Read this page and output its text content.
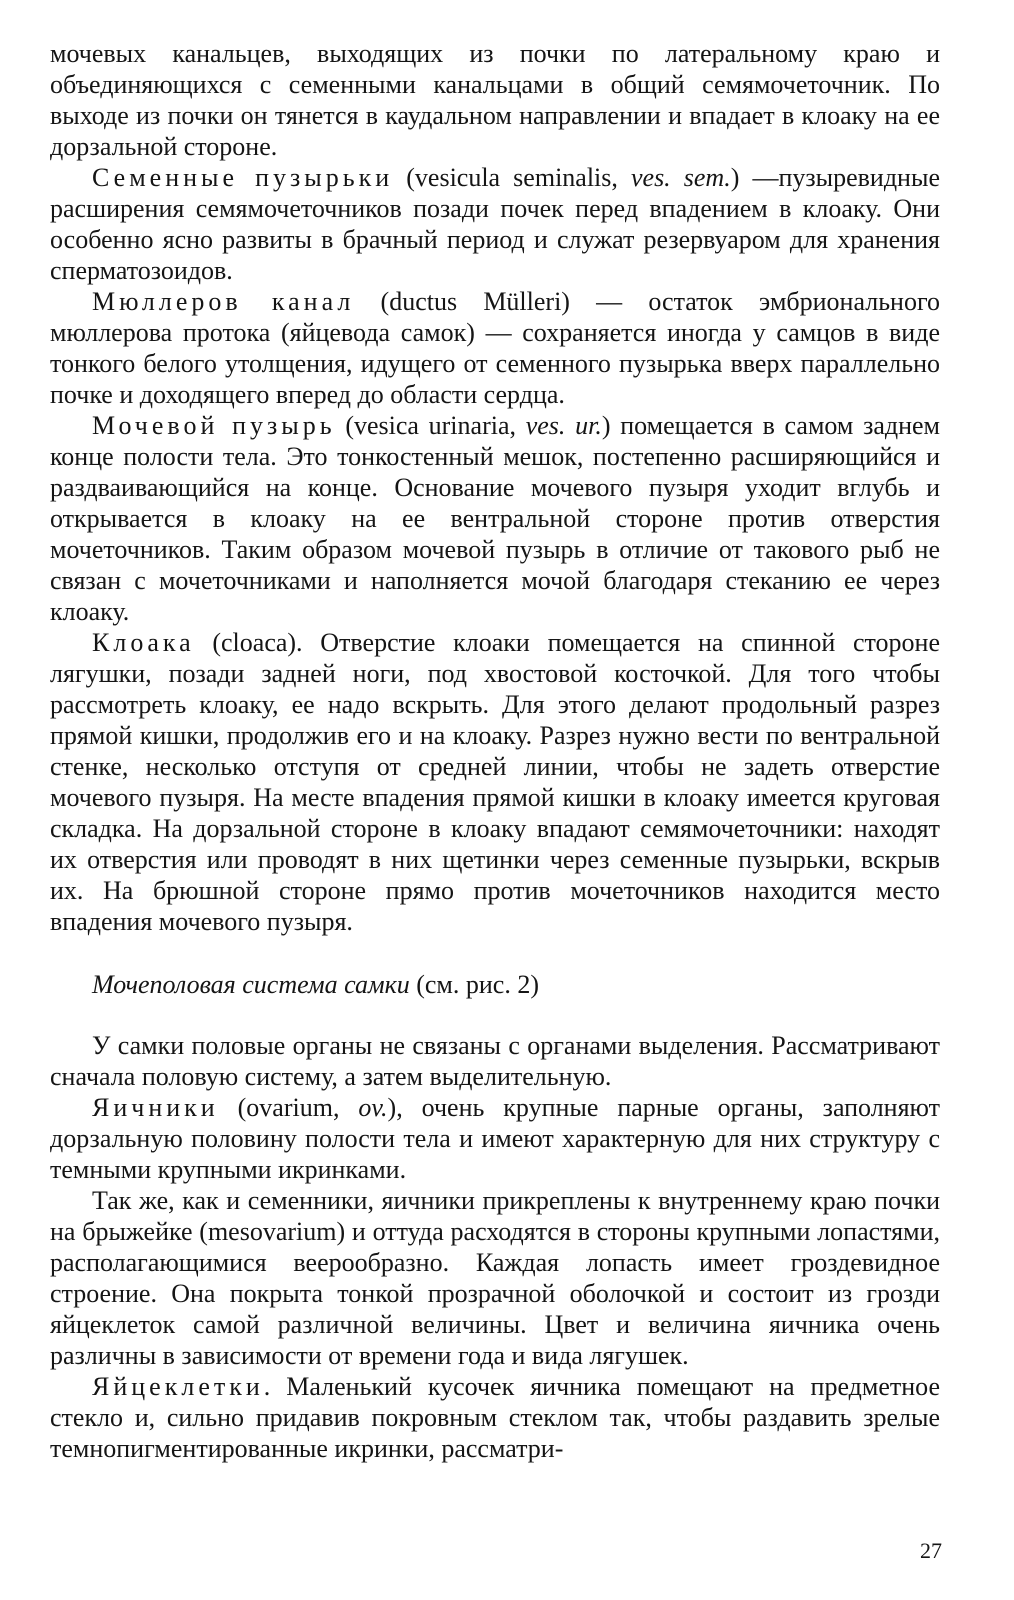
мочевых канальцев, выходящих из почки по латеральному краю и объединяющихся с семенными канальцами в общий семямочеточник. По выходе из почки он тянется в каудальном направлении и впадает в клоаку на ее дорзальной стороне.

Семенные пузырьки (vesicula seminalis, ves. sem.) —пузыревидные расширения семямочеточников позади почек перед впадением в клоаку. Они особенно ясно развиты в брачный период и служат резервуаром для хранения сперматозоидов.

Мюллеров канал (ductus Mülleri) — остаток эмбрионального мюллерова протока (яйцевода самок) — сохраняется иногда у самцов в виде тонкого белого утолщения, идущего от семенного пузырька вверх параллельно почке и доходящего вперед до области сердца.

Мочевой пузырь (vesica urinaria, ves. ur.) помещается в самом заднем конце полости тела. Это тонкостенный мешок, постепенно расширяющийся и раздваивающийся на конце. Основание мочевого пузыря уходит вглубь и открывается в клоаку на ее вентральной стороне против отверстия мочеточников. Таким образом мочевой пузырь в отличие от такового рыб не связан с мочеточниками и наполняется мочой благодаря стеканию ее через клоаку.

Клоака (cloaca). Отверстие клоаки помещается на спинной стороне лягушки, позади задней ноги, под хвостовой косточкой. Для того чтобы рассмотреть клоаку, ее надо вскрыть. Для этого делают продольный разрез прямой кишки, продолжив его и на клоаку. Разрез нужно вести по вентральной стенке, несколько отступя от средней линии, чтобы не задеть отверстие мочевого пузыря. На месте впадения прямой кишки в клоаку имеется круговая складка. На дорзальной стороне в клоаку впадают семямочеточники: находят их отверстия или проводят в них щетинки через семенные пузырьки, вскрыв их. На брюшной стороне прямо против мочеточников находится место впадения мочевого пузыря.

Мочеполовая система самки (см. рис. 2)

У самки половые органы не связаны с органами выделения. Рассматривают сначала половую систему, а затем выделительную.

Яичники (ovarium, ov.), очень крупные парные органы, заполняют дорзальную половину полости тела и имеют характерную для них структуру с темными крупными икринками.

Так же, как и семенники, яичники прикреплены к внутреннему краю почки на брыжейке (mesovarium) и оттуда расходятся в стороны крупными лопастями, располагающимися веерообразно. Каждая лопасть имеет гроздевидное строение. Она покрыта тонкой прозрачной оболочкой и состоит из грозди яйцеклеток самой различной величины. Цвет и величина яичника очень различны в зависимости от времени года и вида лягушек.

Яйцеклетки. Маленький кусочек яичника помещают на предметное стекло и, сильно придавив покровным стеклом так, чтобы раздавить зрелые темнопигментированные икринки, рассматри-

27
